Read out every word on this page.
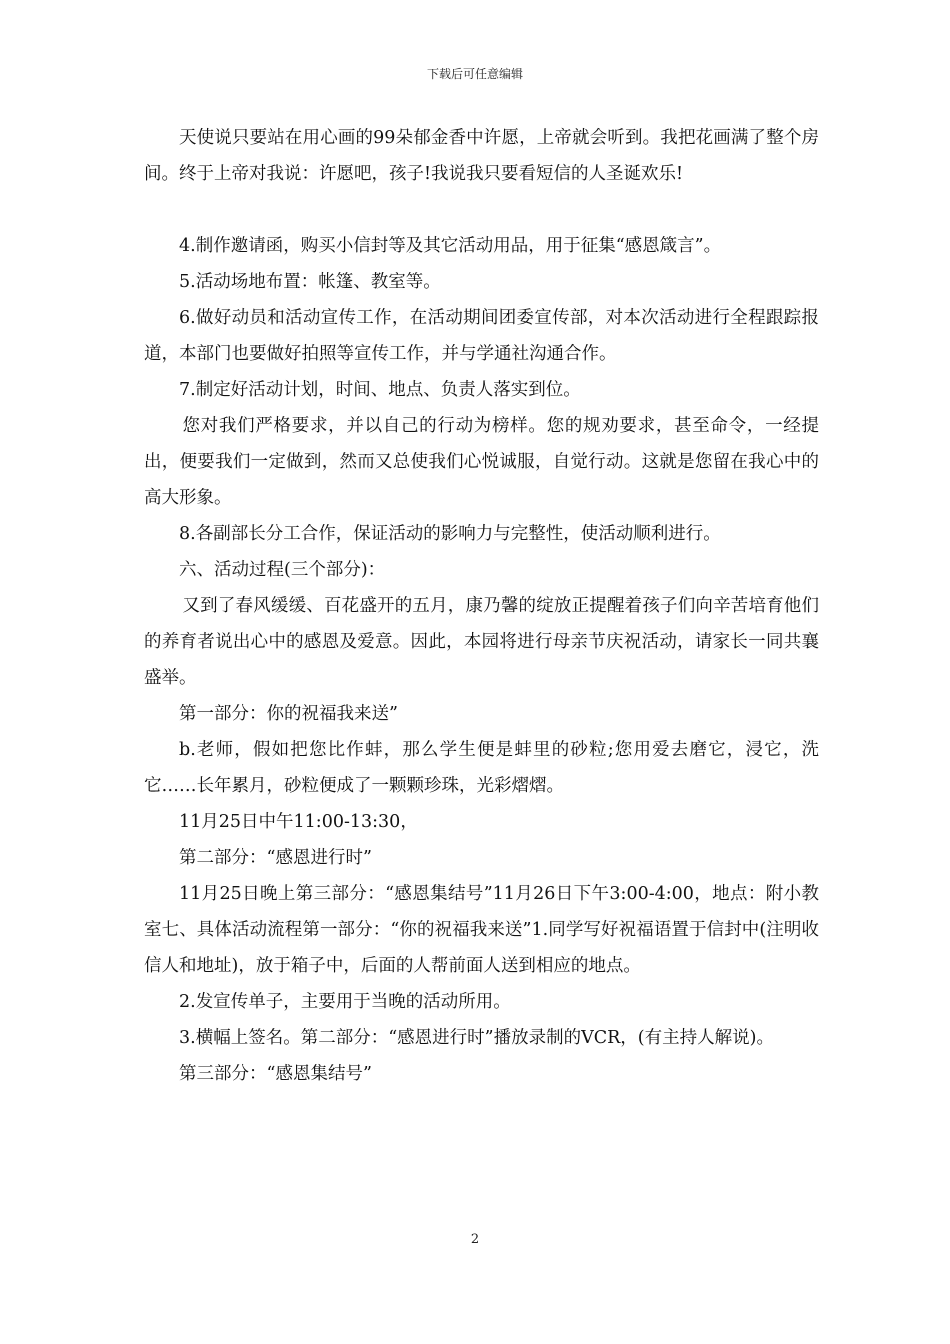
下载后可任意编辑

天使说只要站在用心画的99朵郁金香中许愿，上帝就会听到。我把花画满了整个房间。终于上帝对我说：许愿吧，孩子!我说我只要看短信的人圣诞欢乐!

4.制作邀请函，购买小信封等及其它活动用品，用于征集“感恩箴言”。

5.活动场地布置：帐篷、教室等。

6.做好动员和活动宣传工作，在活动期间团委宣传部，对本次活动进行全程跟踪报道，本部门也要做好拍照等宣传工作，并与学通社沟通合作。

7.制定好活动计划，时间、地点、负责人落实到位。

您对我们严格要求，并以自己的行动为榜样。您的规劝要求，甚至命令，一经提出，便要我们一定做到，然而又总使我们心悦诚服，自觉行动。这就是您留在我心中的高大形象。

8.各副部长分工合作，保证活动的影响力与完整性，使活动顺利进行。

六、活动过程(三个部分)：

又到了春风缓缓、百花盛开的五月，康乃馨的绽放正提醒着孩子们向辛苦培育他们的养育者说出心中的感恩及爱意。因此，本园将进行母亲节庆祝活动，请家长一同共襄盛举。

第一部分：你的祝福我来送”

b.老师，假如把您比作蚌，那么学生便是蚌里的砂粒;您用爱去磨它，浸它，洗它……长年累月，砂粒便成了一颗颗珍珠，光彩熠熠。

11月25日中午11:00-13:30，

第二部分：“感恩进行时”

11月25日晚上第三部分：“感恩集结号”11月26日下午3:00-4:00，地点：附小教室七、具体活动流程第一部分：“你的祝福我来送”1.同学写好祝福语置于信封中(注明收信人和地址)，放于箱子中，后面的人帮前面人送到相应的地点。

2.发宣传单子，主要用于当晚的活动所用。

3.横幅上签名。第二部分：“感恩进行时”播放录制的VCR，(有主持人解说)。

第三部分：“感恩集结号”

2
